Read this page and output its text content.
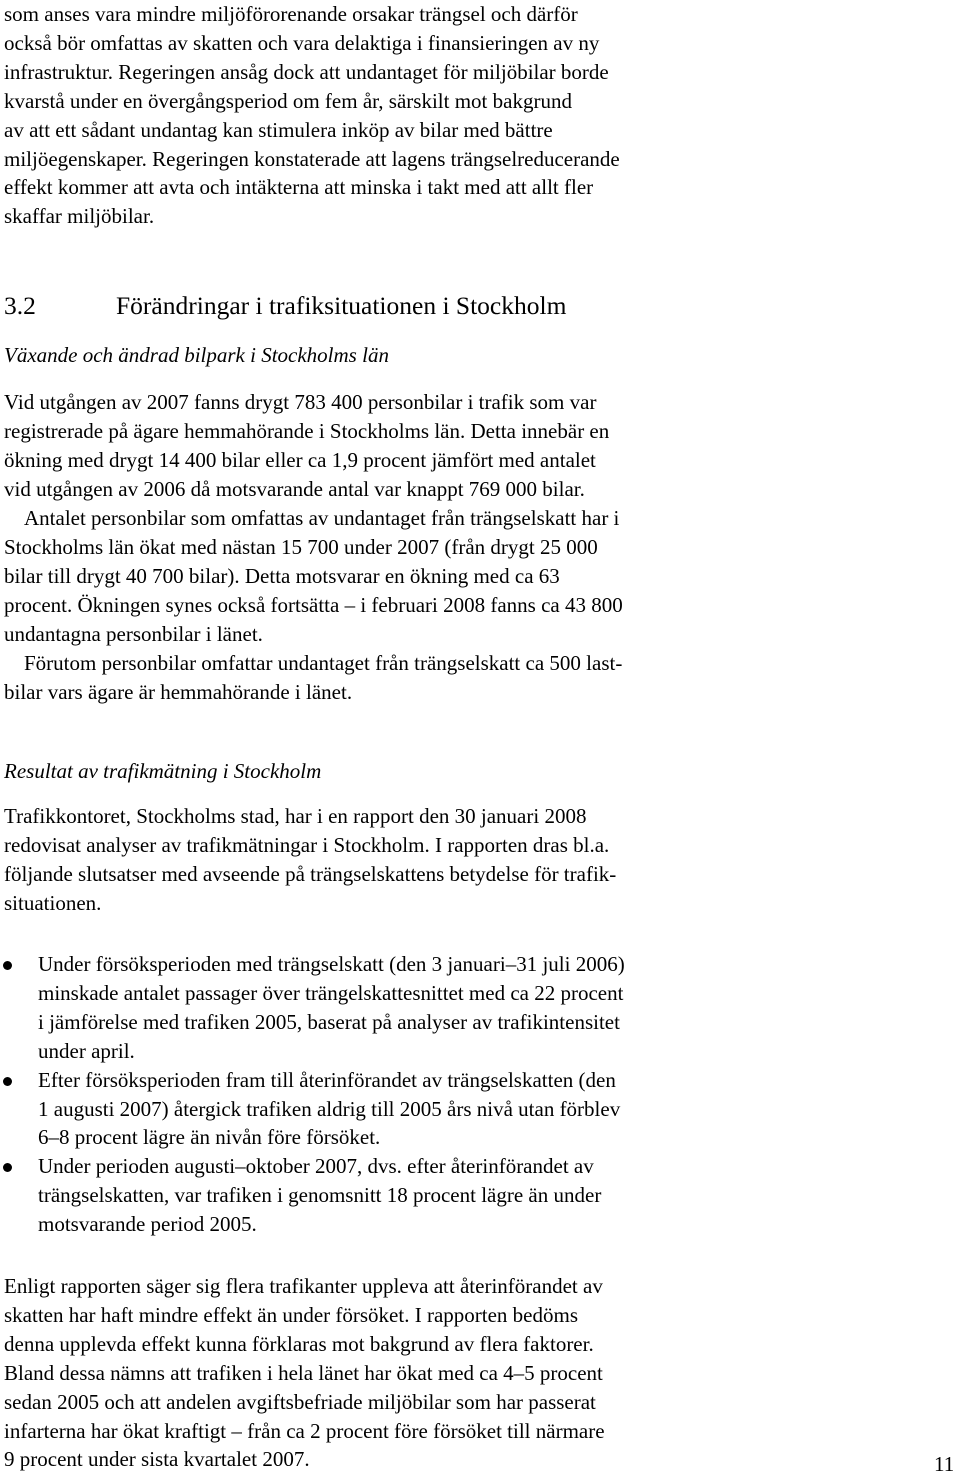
som anses vara mindre miljöförorenande orsakar trängsel och därför
också bör omfattas av skatten och vara delaktiga i finansieringen av ny
infrastruktur. Regeringen ansåg dock att undantaget för miljöbilar borde
kvarstå under en övergångsperiod om fem år, särskilt mot bakgrund
av att ett sådant undantag kan stimulera inköp av bilar med bättre
miljöegenskaper. Regeringen konstaterade att lagens trängselreducerande
effekt kommer att avta och intäkterna att minska i takt med att allt fler
skaffar miljöbilar.
3.2	Förändringar i trafiksituationen i Stockholm
Växande och ändrad bilpark i Stockholms län
Vid utgången av 2007 fanns drygt 783 400 personbilar i trafik som var
registrerade på ägare hemmahörande i Stockholms län. Detta innebär en
ökning med drygt 14 400 bilar eller ca 1,9 procent jämfört med antalet
vid utgången av 2006 då motsvarande antal var knappt 769 000 bilar.
Antalet personbilar som omfattas av undantaget från trängselskatt har i
Stockholms län ökat med nästan 15 700 under 2007 (från drygt 25 000
bilar till drygt 40 700 bilar). Detta motsvarar en ökning med ca 63
procent. Ökningen synes också fortsätta – i februari 2008 fanns ca 43 800
undantagna personbilar i länet.
Förutom personbilar omfattar undantaget från trängselskatt ca 500 last-
bilar vars ägare är hemmahörande i länet.
Resultat av trafikmätning i Stockholm
Trafikkontoret, Stockholms stad, har i en rapport den 30 januari 2008
redovisat analyser av trafikmätningar i Stockholm. I rapporten dras bl.a.
följande slutsatser med avseende på trängselskattens betydelse för trafik-
situationen.
Under försöksperioden med trängselskatt (den 3 januari–31 juli 2006)
minskade antalet passager över trängelskattesnittet med ca 22 procent
i jämförelse med trafiken 2005, baserat på analyser av trafikintensitet
under april.
Efter försöksperioden fram till återinförandet av trängselskatten (den
1 augusti 2007) återgick trafiken aldrig till 2005 års nivå utan förblev
6–8 procent lägre än nivån före försöket.
Under perioden augusti–oktober 2007, dvs. efter återinförandet av
trängselskatten, var trafiken i genomsnitt 18 procent lägre än under
motsvarande period 2005.
Enligt rapporten säger sig flera trafikanter uppleva att återinförandet av
skatten har haft mindre effekt än under försöket. I rapporten bedöms
denna upplevda effekt kunna förklaras mot bakgrund av flera faktorer.
Bland dessa nämns att trafiken i hela länet har ökat med ca 4–5 procent
sedan 2005 och att andelen avgiftsbefriade miljöbilar som har passerat
infarterna har ökat kraftigt – från ca 2 procent före försöket till närmare
9 procent under sista kvartalet 2007.	11
